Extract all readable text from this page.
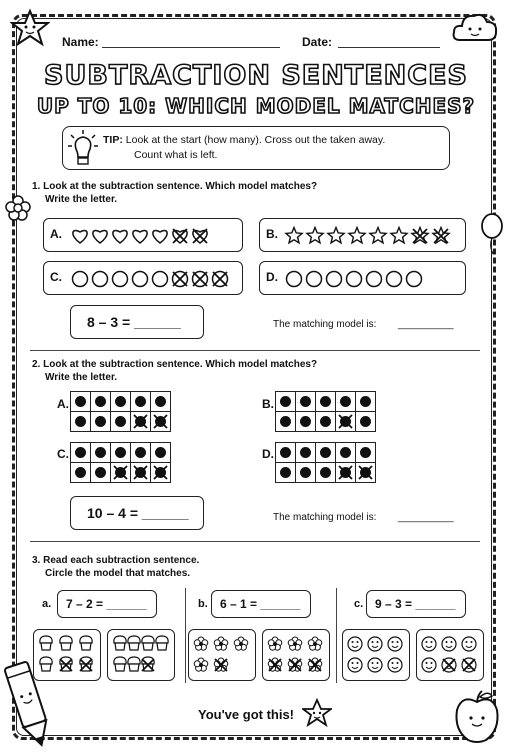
Name:	Date:
SUBTRACTION SENTENCES
UP TO 10: WHICH MODEL MATCHES?
TIP: Look at the start (how many). Cross out the taken away.
Count what is left.
1. Look at the subtraction sentence. Which model matches?
Write the letter.
A.	B.
C.	D.
8 – 3 = ______	The matching model is: __________
2. Look at the subtraction sentence. Which model matches?
Write the letter.
A.

		B.

C.

		D.

10 – 4 = ______	The matching model is: __________
3. Read each subtraction sentence.
Circle the model that matches.
a. 7 – 2 = ______	b. 6 – 1 = ______	c. 9 – 3 = ______
You've got this!
